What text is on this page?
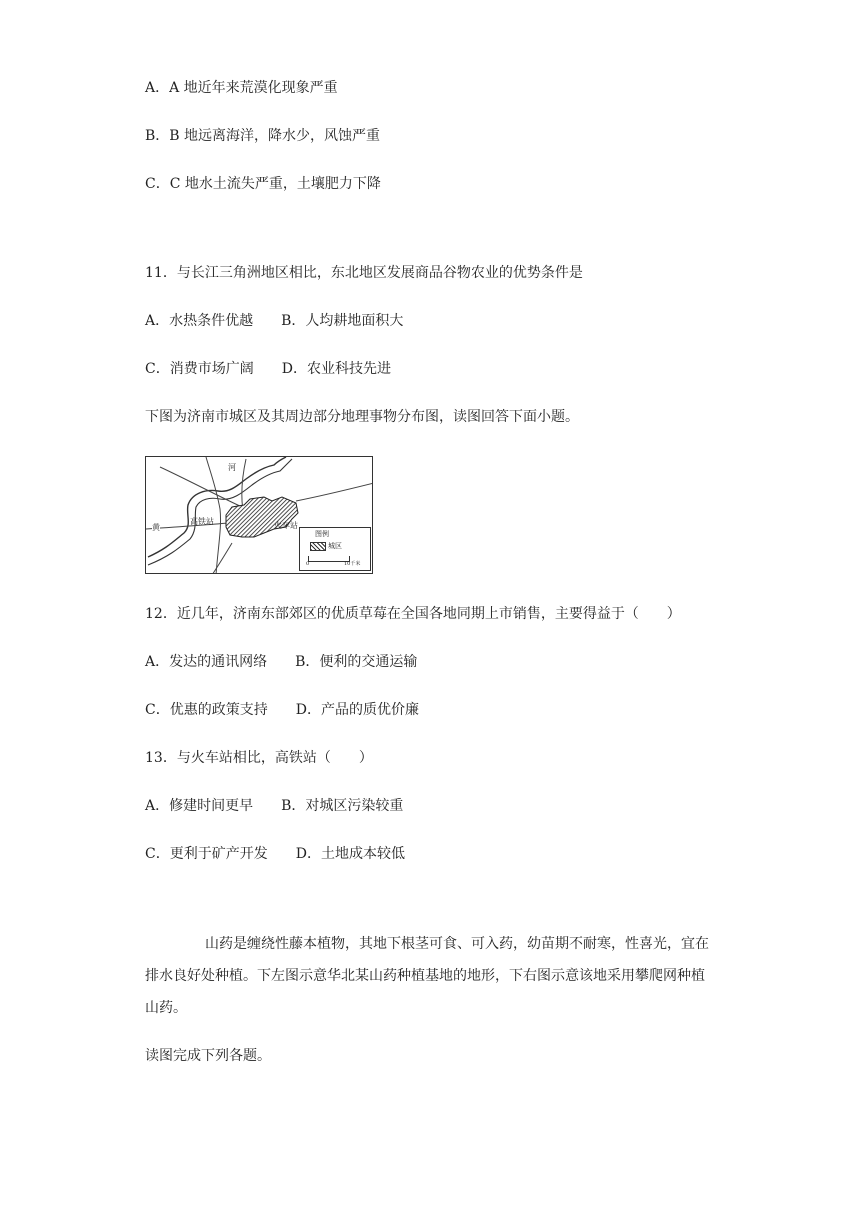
A．A 地近年来荒漠化现象严重
B．B 地远离海洋，降水少，风蚀严重
C．C 地水土流失严重，土壤肥力下降
11．与长江三角洲地区相比，东北地区发展商品谷物农业的优势条件是
A．水热条件优越 B．人均耕地面积大
C．消费市场广阔 D．农业科技先进
下图为济南市城区及其周边部分地理事物分布图，读图回答下面小题。
河
黄
高铁站	火车站
图例
城区
0	10千米
12．近几年，济南东部郊区的优质草莓在全国各地同期上市销售，主要得益于（　　）
A．发达的通讯网络 B．便利的交通运输
C．优惠的政策支持 D．产品的质优价廉
13．与火车站相比，高铁站（　　）
A．修建时间更早 B．对城区污染较重
C．更利于矿产开发 D．土地成本较低
山药是缠绕性藤本植物，其地下根茎可食、可入药，幼苗期不耐寒，性喜光，宜在排水良好处种植。下左图示意华北某山药种植基地的地形，下右图示意该地采用攀爬网种植山药。
读图完成下列各题。
